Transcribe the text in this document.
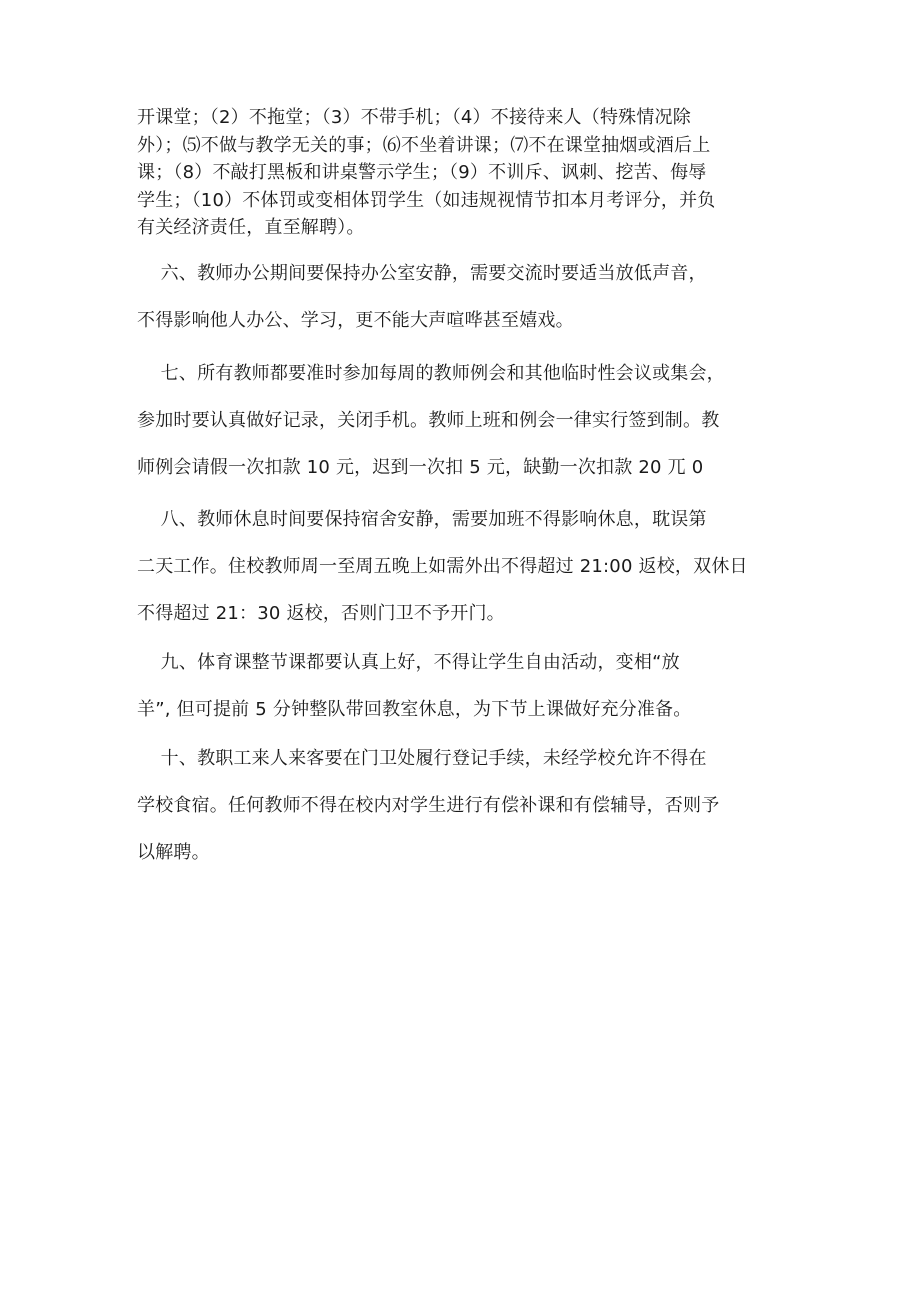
开课堂；（2）不拖堂；（3）不带手机；（4）不接待来人（特殊情况除
外）；⑸不做与教学无关的事；⑹不坐着讲课；⑺不在课堂抽烟或酒后上
课；（8）不敲打黑板和讲桌警示学生；（9）不训斥、讽刺、挖苦、侮辱
学生；（10）不体罚或变相体罚学生（如违规视情节扣本月考评分，并负
有关经济责任，直至解聘）。
六、教师办公期间要保持办公室安静，需要交流时要适当放低声音，
不得影响他人办公、学习，更不能大声喧哗甚至嬉戏。
七、所有教师都要准时参加每周的教师例会和其他临时性会议或集会，
参加时要认真做好记录，关闭手机。教师上班和例会一律实行签到制。教
师例会请假一次扣款 10 元，迟到一次扣 5 元，缺勤一次扣款 20 兀 0
八、教师休息时间要保持宿舍安静，需要加班不得影响休息，耽误第
二天工作。住校教师周一至周五晚上如需外出不得超过 21:00 返校，双休日
不得超过 21：30 返校，否则门卫不予开门。
九、体育课整节课都要认真上好，不得让学生自由活动，变相“放
羊”, 但可提前 5 分钟整队带回教室休息，为下节上课做好充分准备。
十、教职工来人来客要在门卫处履行登记手续，未经学校允许不得在
学校食宿。任何教师不得在校内对学生进行有偿补课和有偿辅导，否则予
以解聘。
